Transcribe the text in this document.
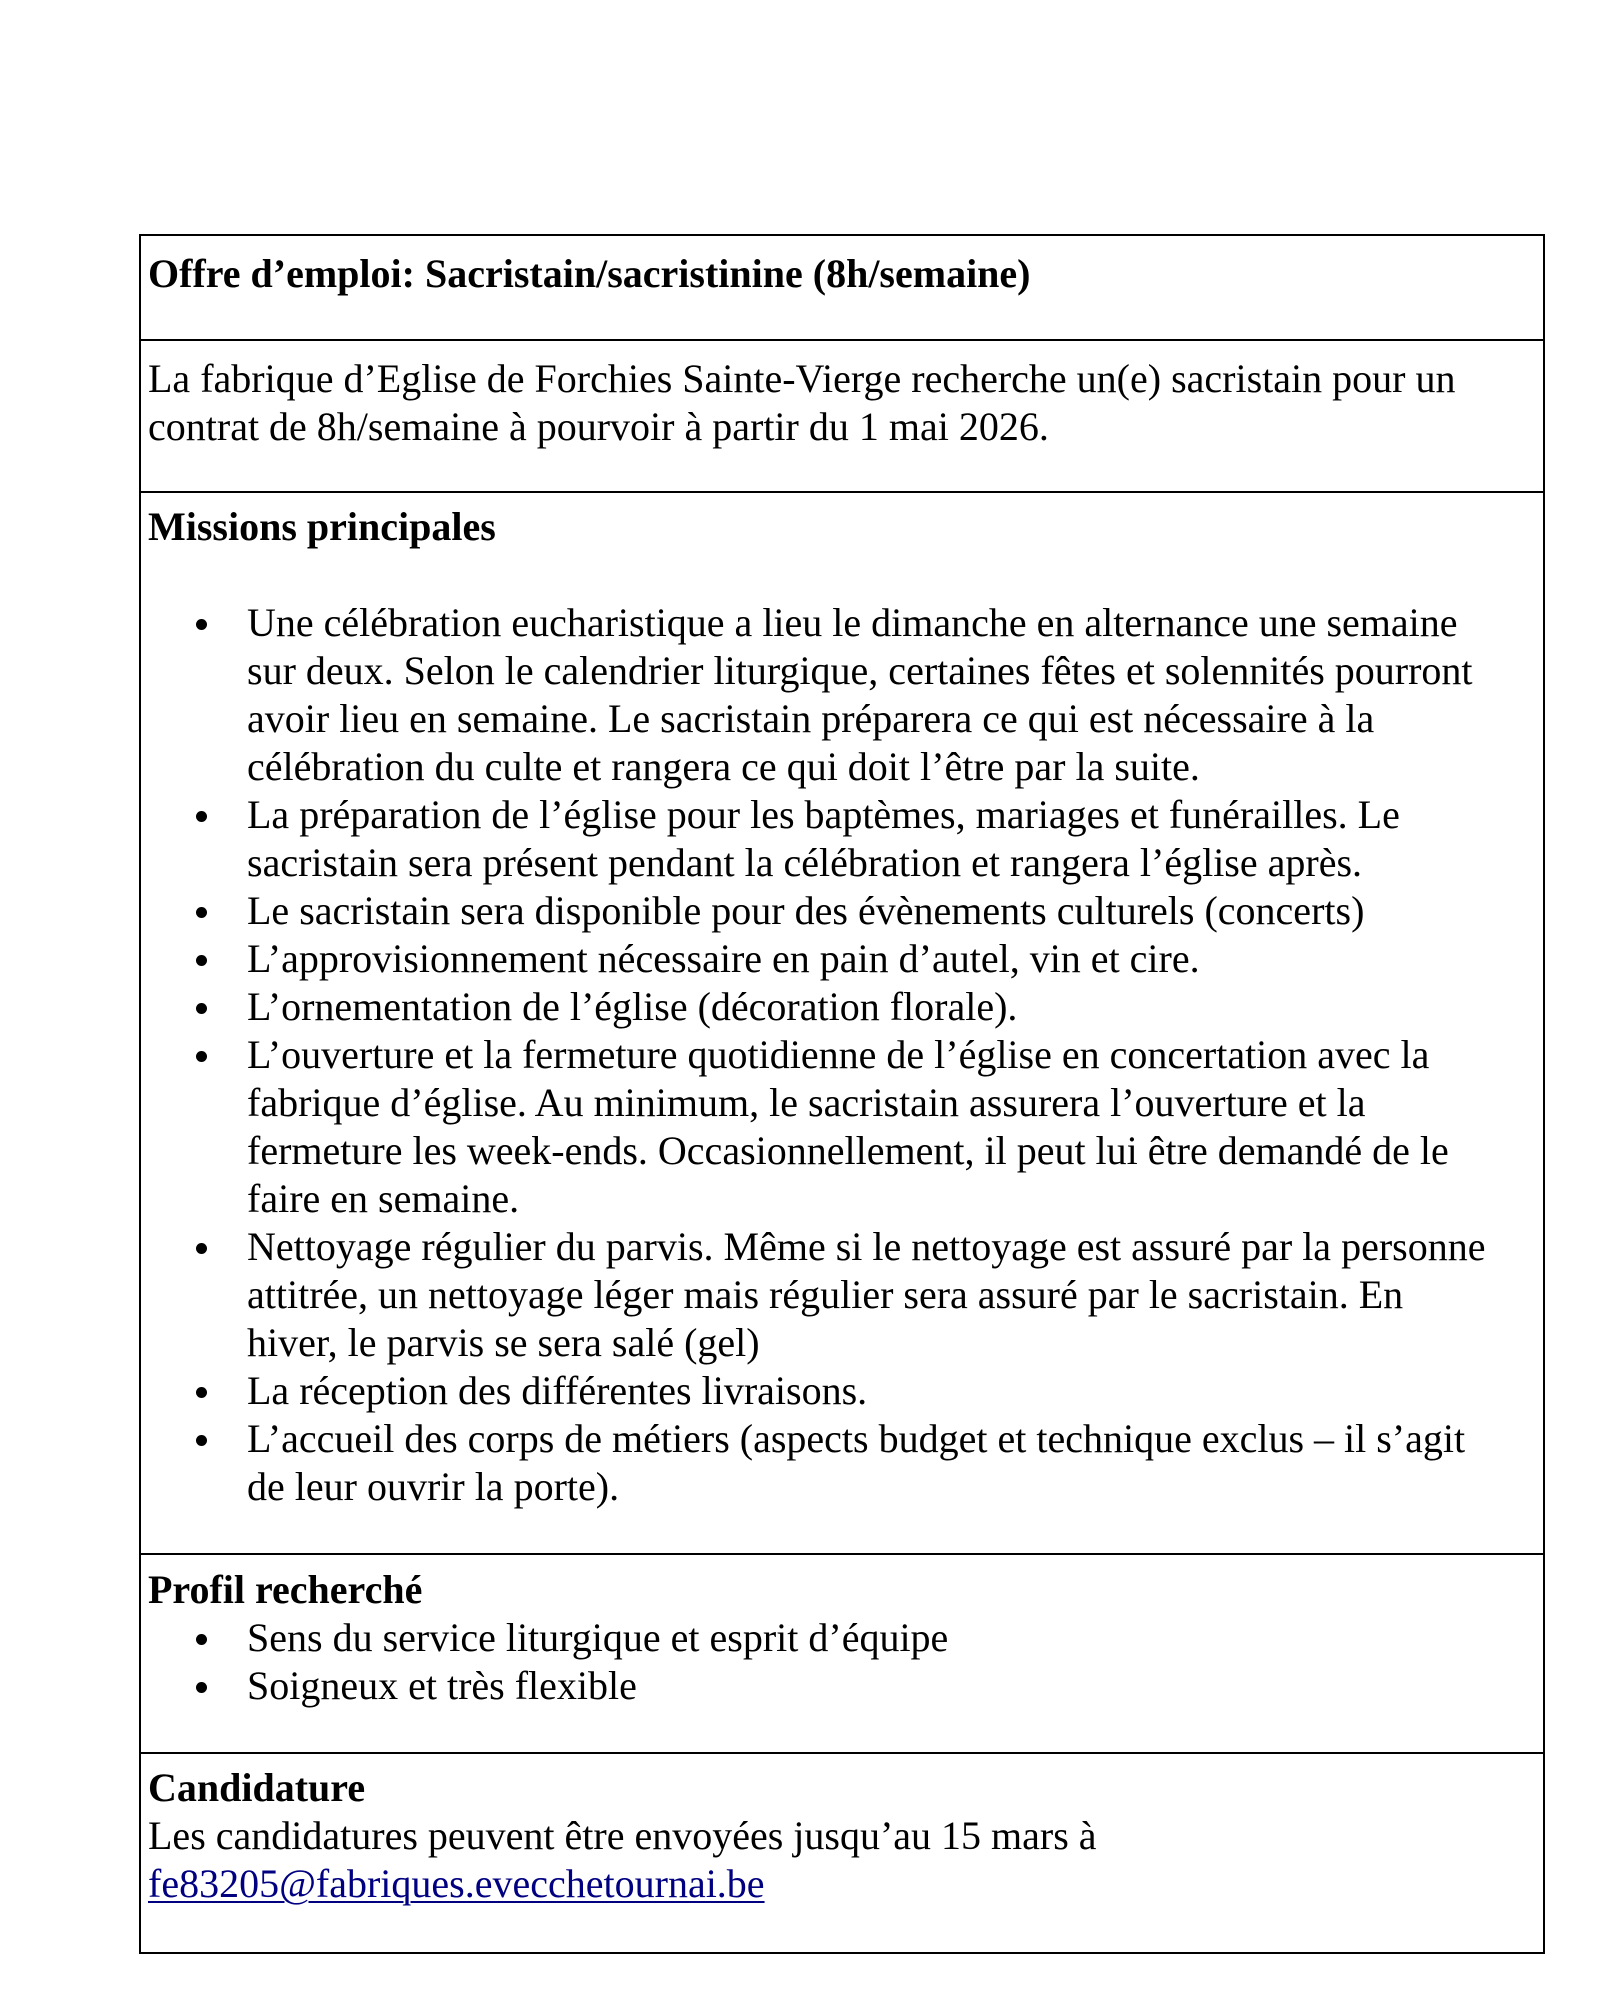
Offre d’emploi: Sacristain/sacristinine (8h/semaine)
La fabrique d’Eglise de Forchies Sainte-Vierge recherche un(e) sacristain pour un
contrat de 8h/semaine à pourvoir à partir du 1 mai 2026.
Missions principales
Une célébration eucharistique a lieu le dimanche en alternance une semaine
sur deux. Selon le calendrier liturgique, certaines fêtes et solennités pourront
avoir lieu en semaine. Le sacristain préparera ce qui est nécessaire à la
célébration du culte et rangera ce qui doit l’être par la suite.
La préparation de l’église pour les baptèmes, mariages et funérailles. Le
sacristain sera présent pendant la célébration et rangera l’église après.
Le sacristain sera disponible pour des évènements culturels (concerts)
L’approvisionnement nécessaire en pain d’autel, vin et cire.
L’ornementation de l’église (décoration florale).
L’ouverture et la fermeture quotidienne de l’église en concertation avec la
fabrique d’église. Au minimum, le sacristain assurera l’ouverture et la
fermeture les week-ends. Occasionnellement, il peut lui être demandé de le
faire en semaine.
Nettoyage régulier du parvis. Même si le nettoyage est assuré par la personne
attitrée, un nettoyage léger mais régulier sera assuré par le sacristain. En
hiver, le parvis se sera salé (gel)
La réception des différentes livraisons.
L’accueil des corps de métiers (aspects budget et technique exclus – il s’agit
de leur ouvrir la porte).
Profil recherché
Sens du service liturgique et esprit d’équipe
Soigneux et très flexible
Candidature
Les candidatures peuvent être envoyées jusqu’au 15 mars à
fe83205@fabriques.evecchetournai.be
